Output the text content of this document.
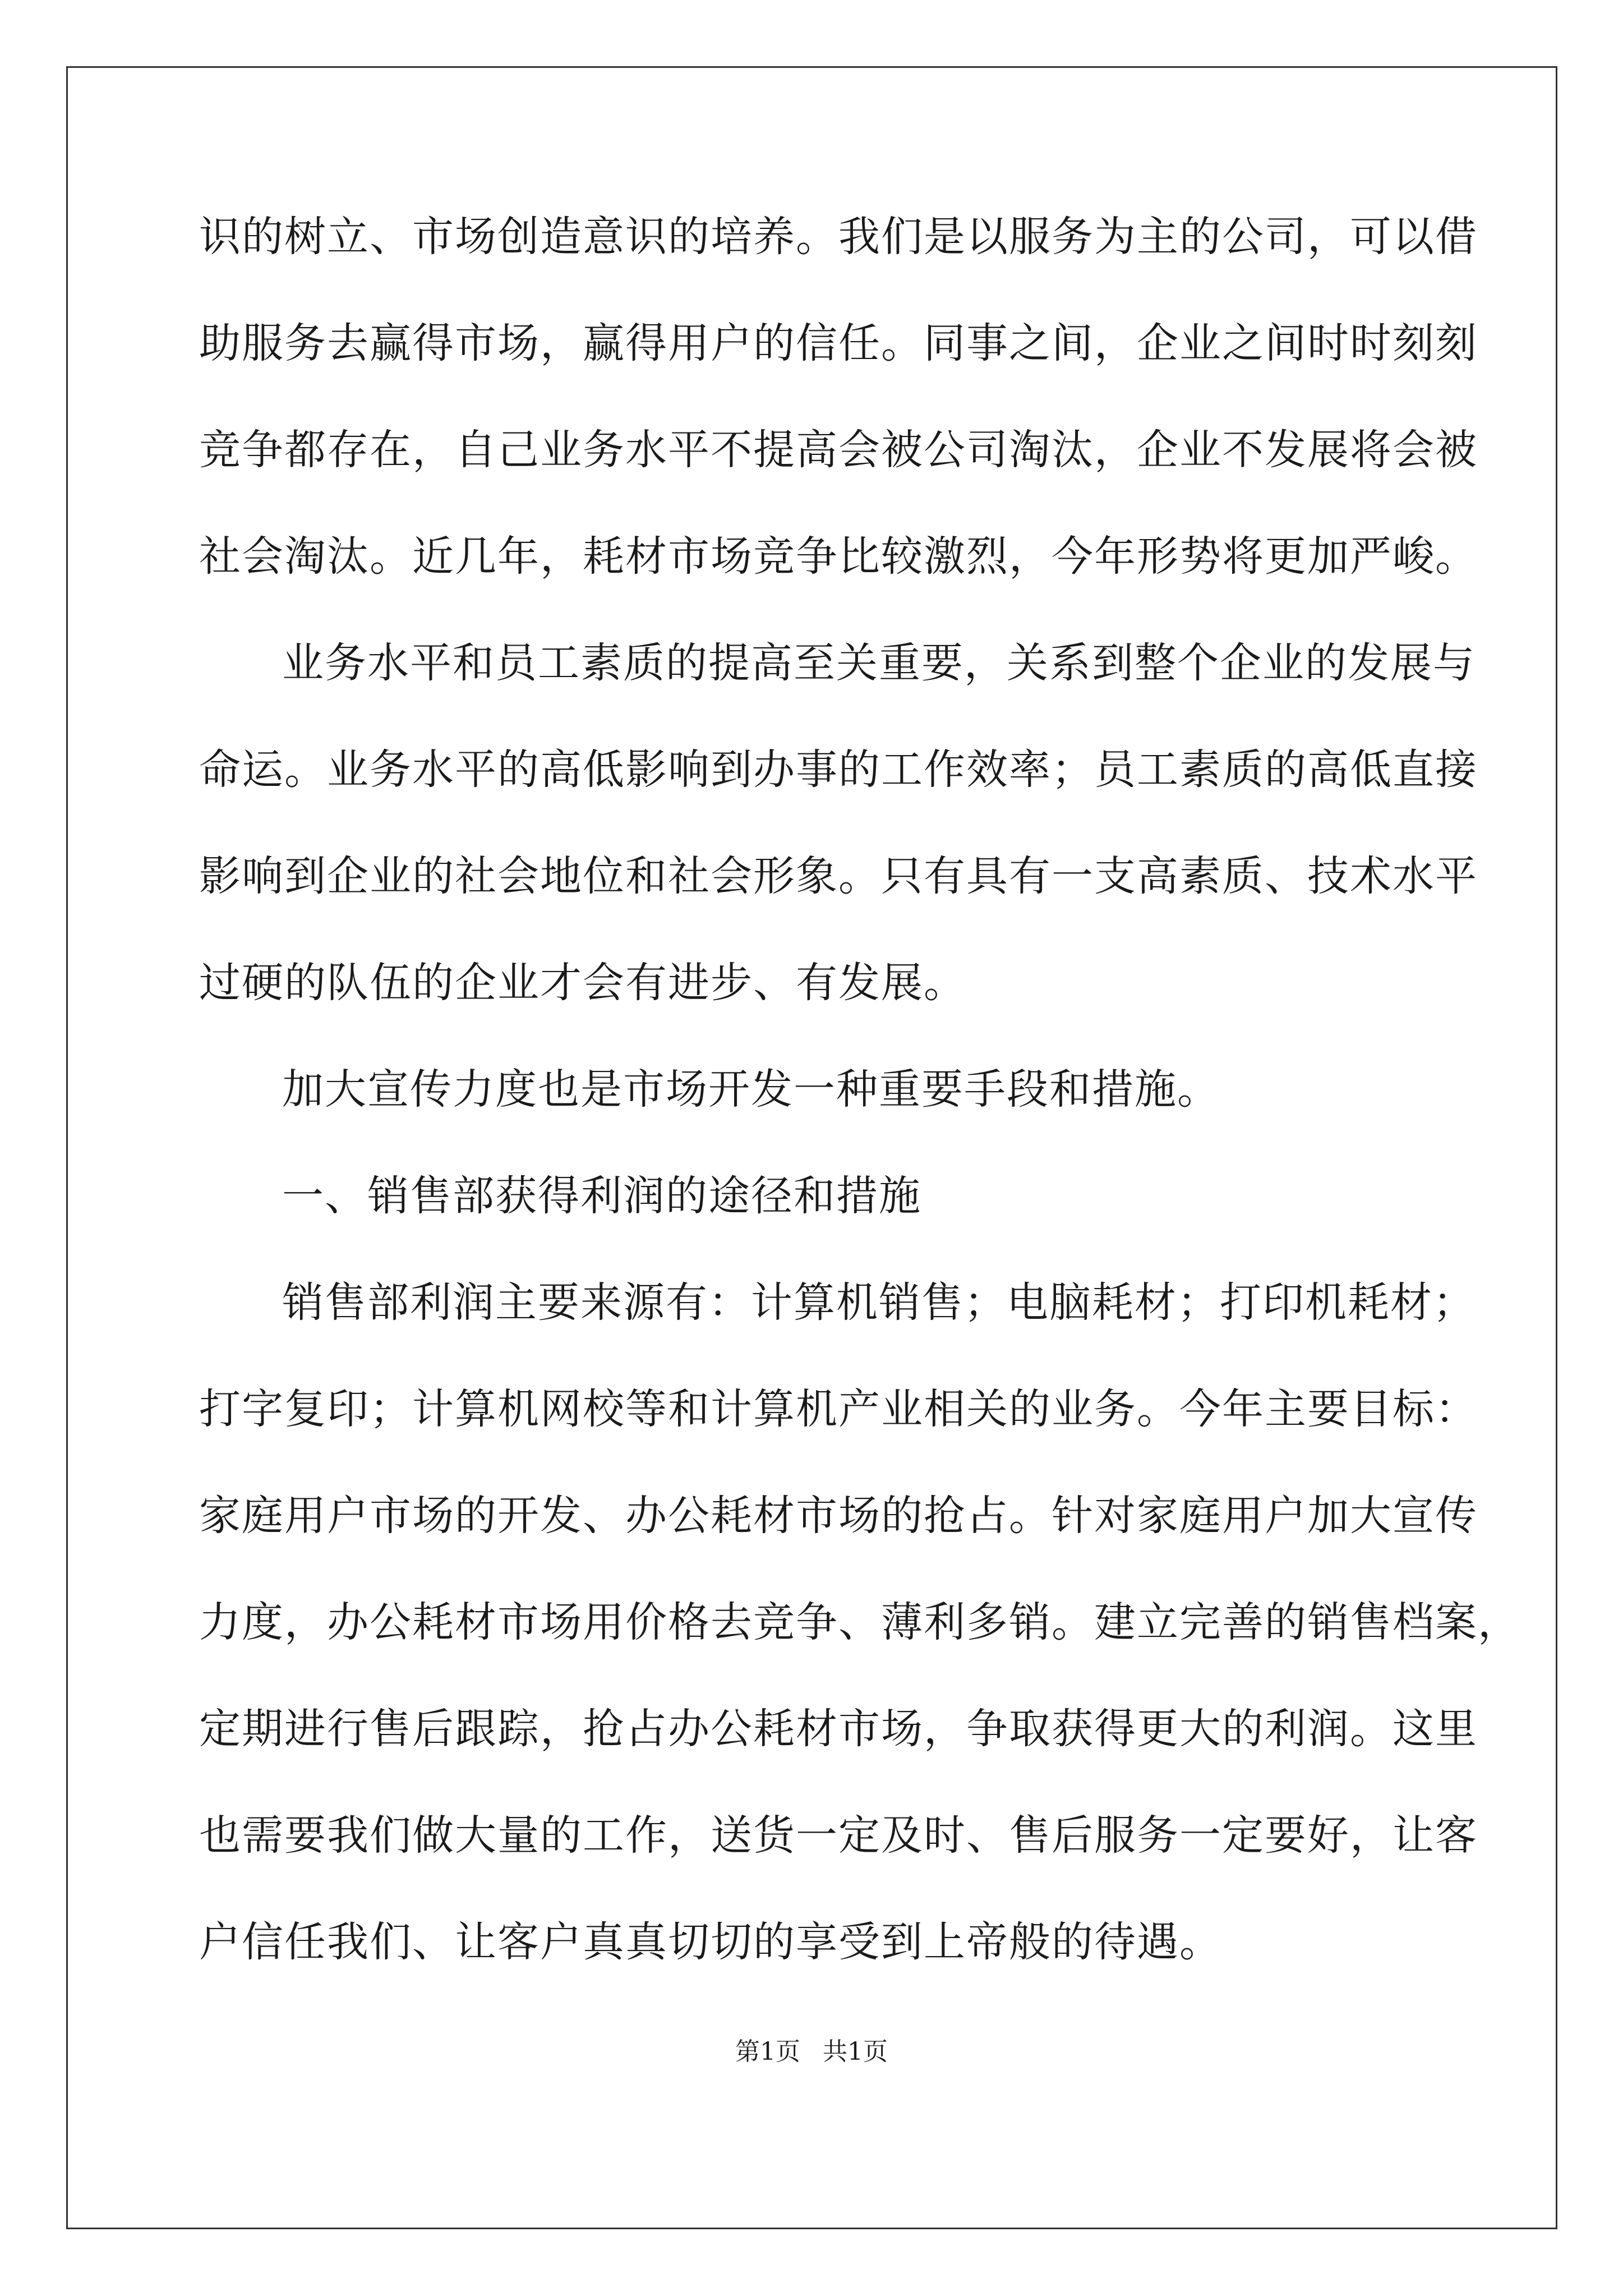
识的树立、市场创造意识的培养。我们是以服务为主的公司，可以借
助服务去赢得市场，赢得用户的信任。同事之间，企业之间时时刻刻
竞争都存在，自己业务水平不提高会被公司淘汰，企业不发展将会被
社会淘汰。近几年，耗材市场竞争比较激烈，今年形势将更加严峻。
业务水平和员工素质的提高至关重要，关系到整个企业的发展与
命运。业务水平的高低影响到办事的工作效率；员工素质的高低直接
影响到企业的社会地位和社会形象。只有具有一支高素质、技术水平
过硬的队伍的企业才会有进步、有发展。
加大宣传力度也是市场开发一种重要手段和措施。
一、销售部获得利润的途径和措施
销售部利润主要来源有：计算机销售；电脑耗材；打印机耗材；
打字复印；计算机网校等和计算机产业相关的业务。今年主要目标：
家庭用户市场的开发、办公耗材市场的抢占。针对家庭用户加大宣传
力度，办公耗材市场用价格去竞争、薄利多销。建立完善的销售档案，
定期进行售后跟踪，抢占办公耗材市场，争取获得更大的利润。这里
也需要我们做大量的工作，送货一定及时、售后服务一定要好，让客
户信任我们、让客户真真切切的享受到上帝般的待遇。
第1页 共1页
